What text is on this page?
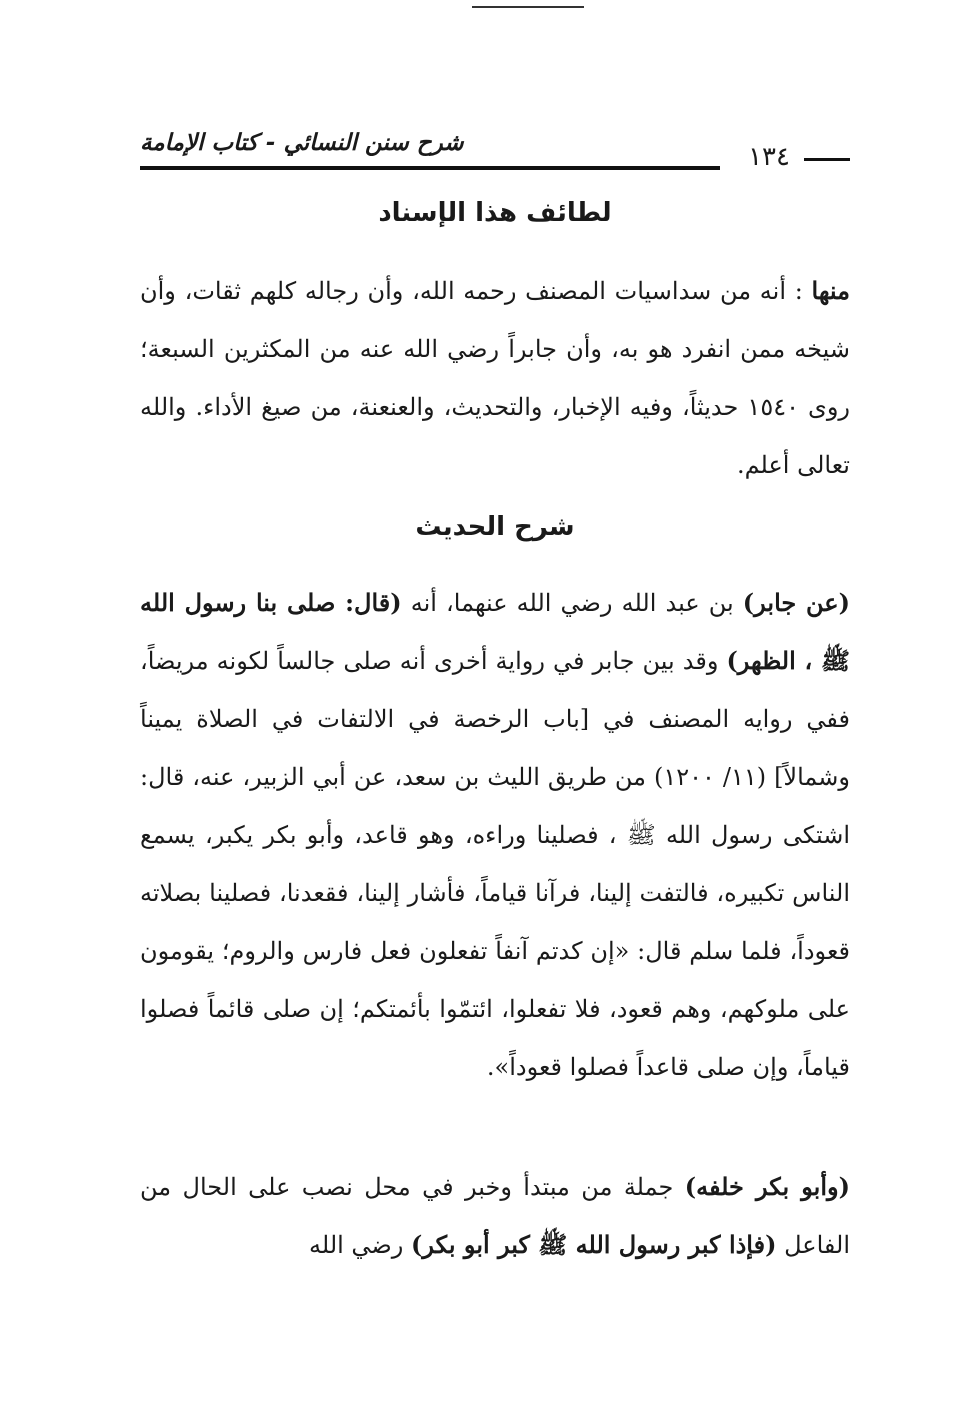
١٣٤
شرح سنن النسائي - كتاب الإمامة
لطائف هذا الإسناد

منها : أنه من سداسيات المصنف رحمه الله، وأن رجاله كلهم ثقات، وأن شيخه ممن انفرد هو به، وأن جابراً رضي الله عنه من المكثرين السبعة؛ روى ١٥٤٠ حديثاً، وفيه الإخبار، والتحديث، والعنعنة، من صيغ الأداء. والله تعالى أعلم.

شرح الحديث

(عن جابر) بن عبد الله رضي الله عنهما، أنه (قال: صلى بنا رسول الله ﷺ ، الظهر) وقد بين جابر في رواية أخرى أنه صلى جالساً لكونه مريضاً، ففي روايه المصنف في [باب الرخصة في الالتفات في الصلاة يميناً وشمالاً] (١١/ ١٢٠٠) من طريق الليث بن سعد، عن أبي الزبير، عنه، قال: اشتكى رسول الله ﷺ ، فصلينا وراءه، وهو قاعد، وأبو بكر يكبر، يسمع الناس تكبيره، فالتفت إلينا، فرآنا قياماً، فأشار إلينا، فقعدنا، فصلينا بصلاته قعوداً، فلما سلم قال: «إن كدتم آنفاً تفعلون فعل فارس والروم؛ يقومون على ملوكهم، وهم قعود، فلا تفعلوا، ائتمّوا بأئمتكم؛ إن صلى قائماً فصلوا قياماً، وإن صلى قاعداً فصلوا قعوداً».

(وأبو بكر خلفه) جملة من مبتدأ وخبر في محل نصب على الحال من الفاعل (فإذا كبر رسول الله ﷺ كبر أبو بكر) رضي الله
